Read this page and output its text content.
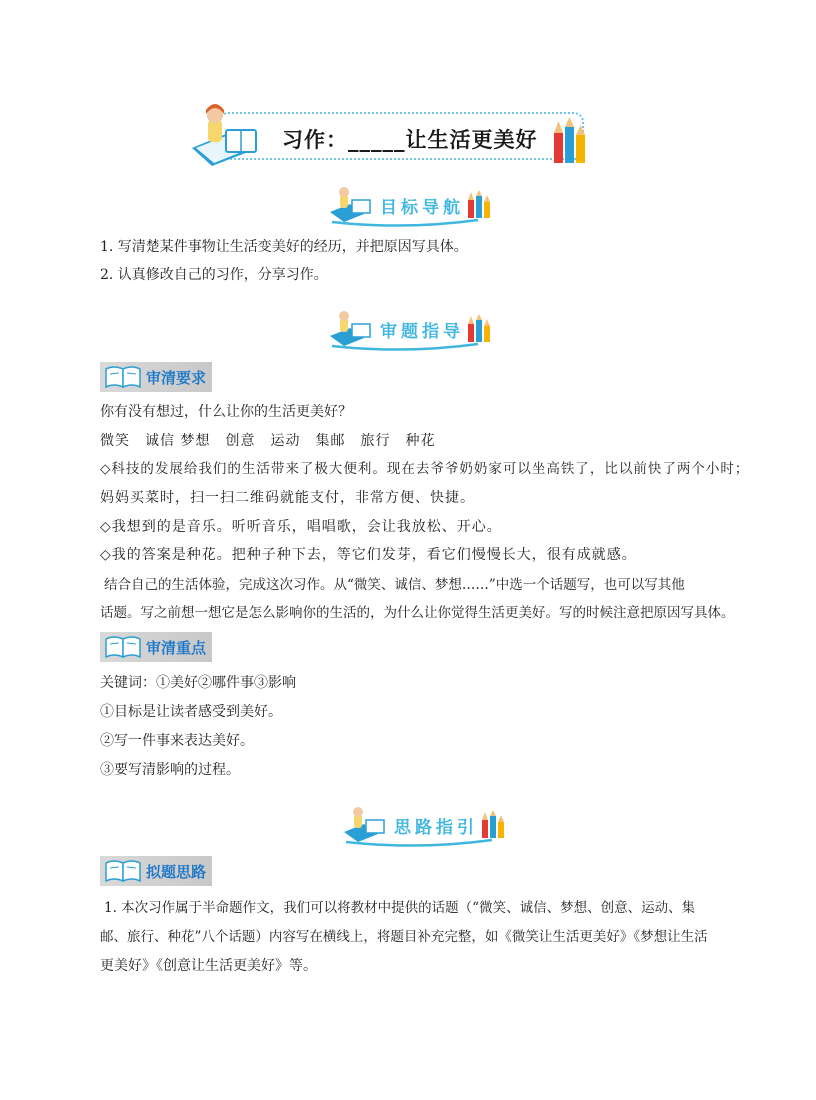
习作：_____让生活更美好
目标导航
1. 写清楚某件事物让生活变美好的经历，并把原因写具体。
2. 认真修改自己的习作，分享习作。
审题指导
审清要求
你有没有想过，什么让你的生活更美好？
微笑　诚信 梦想　创意　运动　集邮　旅行　种花
◇科技的发展给我们的生活带来了极大便利。现在去爷爷奶奶家可以坐高铁了，比以前快了两个小时；
妈妈买菜时，扫一扫二维码就能支付，非常方便、快捷。
◇我想到的是音乐。听听音乐，唱唱歌，会让我放松、开心。
◇我的答案是种花。把种子种下去，等它们发芽，看它们慢慢长大，很有成就感。
结合自己的生活体验，完成这次习作。从“微笑、诚信、梦想……”中选一个话题写，也可以写其他
话题。写之前想一想它是怎么影响你的生活的，为什么让你觉得生活更美好。写的时候注意把原因写具体。
审清重点
关键词：①美好②哪件事③影响
①目标是让读者感受到美好。
②写一件事来表达美好。
③要写清影响的过程。
思路指引
拟题思路
1. 本次习作属于半命题作文，我们可以将教材中提供的话题（“微笑、诚信、梦想、创意、运动、集
邮、旅行、种花”八个话题）内容写在横线上，将题目补充完整，如《微笑让生活更美好》《梦想让生活
更美好》《创意让生活更美好》等。
